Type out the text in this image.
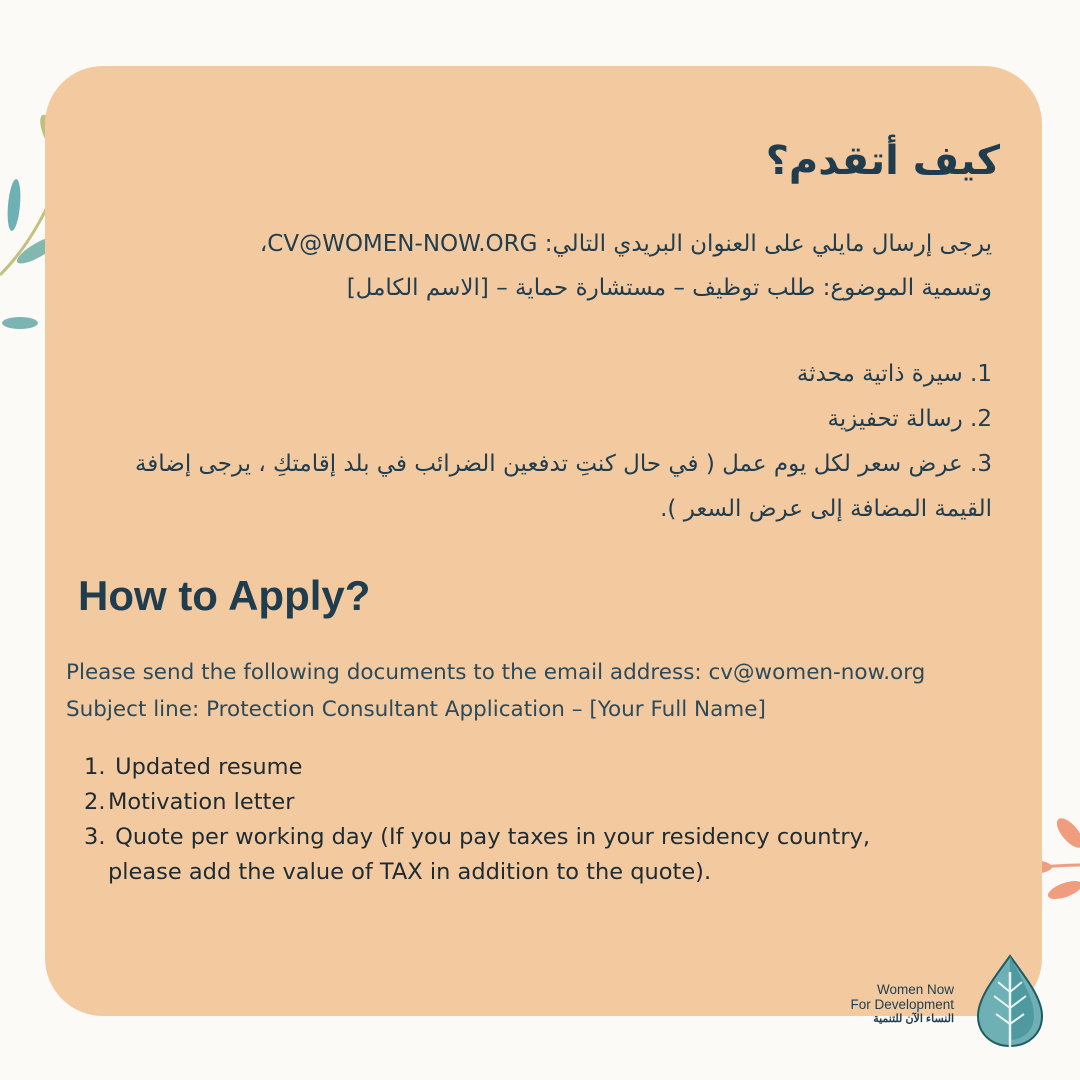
كيف أتقدم؟
يرجى إرسال مايلي على العنوان البريدي التالي: CV@WOMEN-NOW.ORG،
وتسمية الموضوع: طلب توظيف – مستشارة حماية – [الاسم الكامل]
1. سيرة ذاتية محدثة
2. رسالة تحفيزية
3. عرض سعر لكل يوم عمل ( في حال كنتِ تدفعين الضرائب في بلد إقامتكِ ، يرجى إضافة القيمة المضافة إلى عرض السعر ).
How to Apply?
Please send the following documents to the email address: cv@women-now.org
Subject line: Protection Consultant Application – [Your Full Name]
1. Updated resume
2. Motivation letter
3. Quote per working day (If you pay taxes in your residency country,
please add the value of TAX in addition to the quote).
Women Now
For Development
النساء الآن للتنمية
